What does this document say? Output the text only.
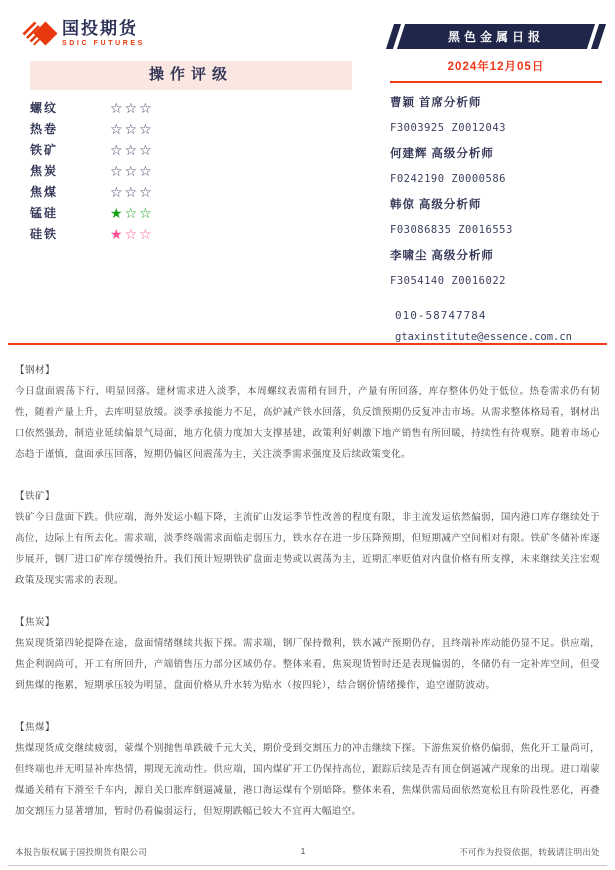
国投期货
SDIC FUTURES	黑色金属日报
2024年12月05日
曹颖 首席分析师
F3003925 Z0012043
何建辉 高级分析师
F0242190 Z0000586
韩倞 高级分析师
F03086835 Z0016553
李啸尘 高级分析师
F3054140 Z0016022
010-58747784
gtaxinstitute@essence.com.cn
操作评级
螺纹	☆☆☆
热卷	☆☆☆
铁矿	☆☆☆
焦炭	☆☆☆
焦煤	☆☆☆
锰硅	★☆☆
硅铁	★☆☆
【钢材】

今日盘面震荡下行，明显回落。建材需求进入淡季，本周螺纹表需稍有回升，产量有所回落，库存整体仍处于低位。热卷需求仍有韧性，随着产量上升，去库明显放缓。淡季承接能力不足，高炉减产铁水回落，负反馈预期仍反复冲击市场。从需求整体格局看，钢材出口依然强劲，制造业延续偏景气局面，地方化债力度加大支撑基建，政策利好刺激下地产销售有所回暖，持续性有待观察。随着市场心态趋于谨慎，盘面承压回落，短期仍偏区间震荡为主，关注淡季需求强度及后续政策变化。

【铁矿】

铁矿今日盘面下跌。供应端，海外发运小幅下降，主流矿山发运季节性改善的程度有限，非主流发运依然偏弱，国内港口库存继续处于高位，边际上有所去化。需求端，淡季终端需求面临走弱压力，铁水存在进一步压降预期，但短期减产空间相对有限。铁矿冬储补库逐步展开，钢厂进口矿库存缓慢抬升。我们预计短期铁矿盘面走势或以震荡为主，近期汇率贬值对内盘价格有所支撑，未来继续关注宏观政策及现实需求的表现。

【焦炭】

焦炭现货第四轮提降在途，盘面情绪继续共振下探。需求端，钢厂保持微利，铁水减产预期仍存，且终端补库动能仍显不足。供应端，焦企利润尚可，开工有所回升，产端销售压力部分区域仍存。整体来看，焦炭现货暂时还是表现偏弱的，冬储仍有一定补库空间，但受到焦煤的拖累，短期承压较为明显，盘面价格从升水转为贴水（按四轮），结合钢价情绪操作，追空谨防波动。

【焦煤】

焦煤现货成交继续疲弱，蒙煤个别抛售单跌破千元大关，期价受到交割压力的冲击继续下探。下游焦炭价格仍偏弱，焦化开工量尚可，但终端也并无明显补库热情，期现无流动性。供应端，国内煤矿开工仍保持高位，跟踪后续是否有顶仓倒逼减产现象的出现。进口端蒙煤通关稍有下滑至千车内，源自关口胀库倒逼减量，港口海运煤有个别暗降。整体来看，焦煤供需局面依然宽松且有阶段性恶化，再叠加交割压力显著增加，暂时仍看偏弱运行，但短期跌幅已较大不宜再大幅追空。

本报告版权属于国投期货有限公司	1	不可作为投资依据，转载请注明出处
